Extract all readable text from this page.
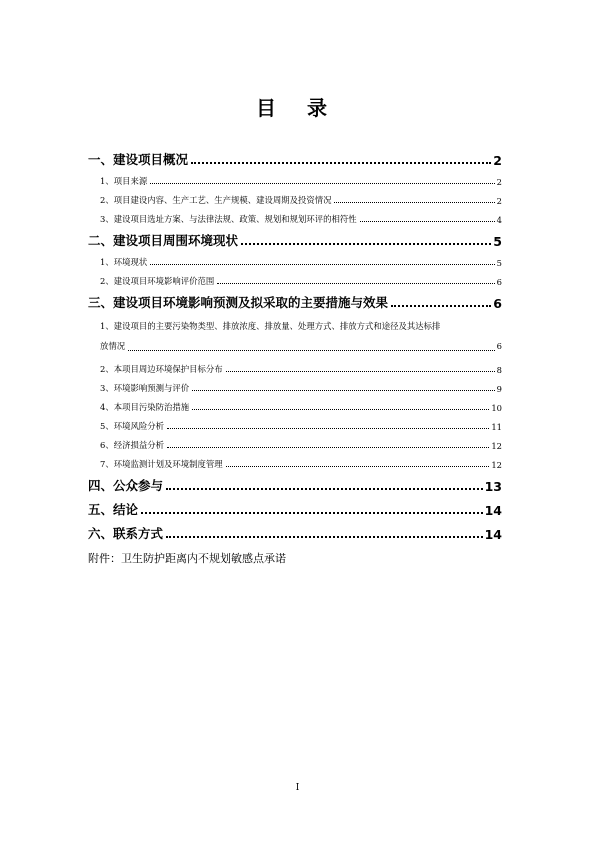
目 录
一、建设项目概况	2
1、项目来源	2
2、项目建设内容、生产工艺、生产规模、建设周期及投资情况	2
3、建设项目选址方案、与法律法规、政策、规划和规划环评的相符性	4
二、建设项目周围环境现状	5
1、环境现状	5
2、建设项目环境影响评价范围	6
三、建设项目环境影响预测及拟采取的主要措施与效果	6
1、建设项目的主要污染物类型、排放浓度、排放量、处理方式、排放方式和途径及其达标排
放情况	6
2、本项目周边环境保护目标分布	8
3、环境影响预测与评价	9
4、本项目污染防治措施	10
5、环境风险分析	11
6、经济损益分析	12
7、环境监测计划及环境制度管理	12
四、公众参与	13
五、结论	14
六、联系方式	14
附件：卫生防护距离内不规划敏感点承诺
I
